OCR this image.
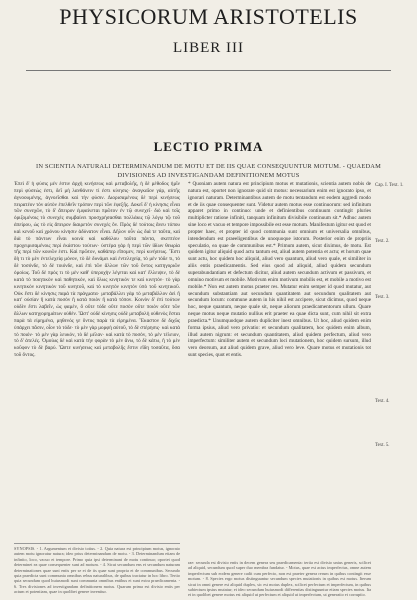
PHYSICORUM ARISTOTELIS
LIBER III
LECTIO PRIMA
IN SCIENTIA NATURALI DETERMINANDUM DE MOTU ET DE IIS QUAE CONSEQUUNTUR MOTUM. - QUAEDAM DIVISIONES AD INVESTIGANDAM DEFINITIONEM MOTUS

Ἐπεὶ δ' ἡ φύσις μέν ἐστιν ἀρχὴ κινήσεως καὶ μεταβολῆς, ἡ δὲ μέθοδος ἡμῖν περὶ φύσεώς ἐστι, δεῖ μὴ λανθάνειν τί ἐστι κίνησις· ἀναγκαῖον γάρ, αὐτῆς ἀγνοουμένης, ἀγνοεῖσθαι καὶ τὴν φύσιν. Διορισαμένοις δὲ περὶ κινήσεως πειρατέον τὸν αὐτὸν ἐπελθεῖν τρόπον περὶ τῶν ἐφεξῆς. Δοκεῖ δ' ἡ κίνησις εἶναι τῶν συνεχῶν, τὸ δ' ἄπειρον ἐμφαίνεται πρῶτον ἐν τῷ συνεχεῖ· διὸ καὶ τοῖς ὁριζομένοις τὸ συνεχὲς συμβαίνει προσχρήσασθαι πολλάκις τῷ λόγῳ τῷ τοῦ ἀπείρου, ὡς τὸ εἰς ἄπειρον διαιρετὸν συνεχὲς ὄν. Πρὸς δὲ τούτοις ἄνευ τόπου καὶ κενοῦ καὶ χρόνου κίνησιν ἀδύνατον εἶναι. Δῆλον οὖν ὡς διά τε ταῦτα, καὶ διὰ τὸ πάντων εἶναι κοινὰ καὶ καθόλου ταῦτα πάντα, σκεπτέον προχειρισαμένοις περὶ ἑκάστου τούτων· ὑστέρα γὰρ ἡ περὶ τῶν ἰδίων θεωρία τῆς περὶ τῶν κοινῶν ἐστι. Καὶ πρῶτον, καθάπερ εἴπομεν, περὶ κινήσεως. Ἔστι δὴ τι τὸ μὲν ἐντελεχείᾳ μόνον, τὸ δὲ δυνάμει καὶ ἐντελεχείᾳ, τὸ μὲν τόδε τι, τὸ δὲ τοσόνδε, τὸ δὲ τοιόνδε, καὶ ἐπὶ τῶν ἄλλων τῶν τοῦ ὄντος κατηγοριῶν ὁμοίως. Τοῦ δὲ πρός τι τὸ μὲν καθ' ὑπεροχὴν λέγεται καὶ κατ' ἔλλειψιν, τὸ δὲ κατὰ τὸ ποιητικὸν καὶ παθητικόν, καὶ ὅλως κινητικόν τε καὶ κινητόν· τὸ γὰρ κινητικὸν κινητικὸν τοῦ κινητοῦ, καὶ τὸ κινητὸν κινητὸν ὑπὸ τοῦ κινητικοῦ. Οὐκ ἔστι δὲ κίνησις παρὰ τὰ πράγματα· μεταβάλλει γὰρ τὸ μεταβάλλον ἀεὶ ἢ κατ' οὐσίαν ἢ κατὰ ποσὸν ἢ κατὰ ποιὸν ἢ κατὰ τόπον. Κοινὸν δ' ἐπὶ τούτων οὐδὲν ἔστι λαβεῖν, ὡς φαμέν, ὃ οὔτε τόδε οὔτε ποσὸν οὔτε ποιὸν οὔτε τῶν ἄλλων κατηγορημάτων οὐθέν. Ὥστ' οὐδὲ κίνησις οὐδὲ μεταβολὴ οὐθενὸς ἔσται παρὰ τὰ εἰρημένα, μηθενός γε ὄντος παρὰ τὰ εἰρημένα. Ἕκαστον δὲ διχῶς ὑπάρχει πᾶσιν, οἷον τὸ τόδε· τὸ μὲν γὰρ μορφὴ αὐτοῦ, τὸ δὲ στέρησις· καὶ κατὰ τὸ ποιόν· τὸ μὲν γὰρ λευκόν, τὸ δὲ μέλαν· καὶ κατὰ τὸ ποσόν, τὸ μὲν τέλειον, τὸ δ' ἀτελές. Ὁμοίως δὲ καὶ κατὰ τὴν φορὰν τὸ μὲν ἄνω, τὸ δὲ κάτω, ἢ τὸ μὲν κοῦφον τὸ δὲ βαρύ. Ὥστε κινήσεως καὶ μεταβολῆς ἔστιν εἴδη τοσαῦτα, ὅσα τοῦ ὄντος.

* Quoniam autem natura est principium motus et mutationis, scientia autem nobis de natura est, oportet non ignorare quid sit motus: necessarium enim est ignorato ipso, et ignorari naturam. Determinantibus autem de motu tentandum est eodem aggredi modo et de iis quae consequenter sunt. Videtur autem motus esse continuorum: sed infinitum apparet primo in continuo: unde et definientibus continuum contingit pluries multiplicter ratione infiniti, tanquam infinitum divisibile continuum sit.* Adhuc autem sine loco et vacuo et tempore impossibile est esse motum. Manifestum igitur est quod et propter haec, et propter id quod communia sunt omnium et universalia omnibus, intendendum est praeeligentibus de unoquoque istorum. Posterior enim de propriis speculatio, ea quae de communibus est.* Primum autem, sicut diximus, de motu. Est quidem igitur aliquid quod actu tantum est, aliud autem potentia et actu; et horum quae sunt actu, hoc quidem hoc aliquid, aliud vero quantum, aliud vero quale, et similiter in aliis entis praedicamentis. Sed eius quod ad aliquid, aliud quidem secundum superabundantiam et defectum dicitur, aliud autem secundum activum et passivum, et omnino motivum et mobile. Motivum enim motivum mobilis est, et mobile a motivo est mobile.* Non est autem motus praeter res. Mutatur enim semper id quod mutatur, aut secundum substantiam aut secundum quantitatem aut secundum qualitatem aut secundum locum: commune autem in his nihil est accipere, sicut dicimus, quod neque hoc, neque quantum, neque quale sit, neque aliorum praedicamentorum ullum. Quare neque motus neque mutatio nullius erit praeter ea quae dicta sunt, cum nihil sit extra praedicta.* Unumquodque autem dupliciter inest omnibus. Ut hoc, aliud quidem enim forma ipsius, aliud vero privatio: et secundum qualitatem, hoc quidem enim album, illud autem nigrum: et secundum quantitatem, aliud quidem perfectum, aliud vero imperfectum: similiter autem et secundum loci mutationem, hoc quidem sursum, illud vero deorsum, aut aliud quidem grave, aliud vero leve. Quare motus et mutationis tot sunt species, quot et entis.

Cap. I. Text. 1.
Text. 2.
Text. 3.
Text. 4.
Text. 5.
SYNOPSIS. - 1. Argumentum et divisio totius. - 2. Quia natura est principium motus, ignorato autem motu ignoratur natura; ideo prius determinandum de motu. - 3. Determinandum etiam de infinito, loco, vacuo et tempore. Primo quia ipsi determinant de motu continuo; oportet quod determinet ea quae consequenter sunt ad motum. - 4. Sicut secundum ens et secundum naturam determinationes quae sunt entis per se et de iis quae sunt propria et de communibus. Secundo quia praedicta sunt communia omnibus rebus naturalibus, de quibus tractatur in hoc libro. Tertio quia secundum quod huiusmodi sunt communia omnibus entibus et sunt extra praedicamenta. - 6. Tres divisiones ad investigandam definitionem motus. Quarum prima est divisio entis per actum et potentiam, quae in quolibet genere invenitur.
rae: secunda est divisio entis in decem genera seu praedicamenta: tertia est divisio unius generis, scilicet ad aliquid, secundum quod super duo membra fundatur. - Motus, quae est actus imperfectus, omne autem imperfectum sub eodem genere cadit cum perfecto, non est praeter genera rerum in quibus contingit esse motum. - 8. Species ergo motus distinguuntur secundum species mutationis in quibus est motus. Iterum sicut in omni genere est aliquid duplex, sic est motus duplex, scilicet perfectum et imperfectum, in quibus subiectum ipsius mutatur; et ideo secundum huiusmodi differentias distinguuntur etiam species motus. Ita et in quolibet genere motus est aliquid ut perfectum et aliquid ut imperfectum, ut generatio et corruptio.
